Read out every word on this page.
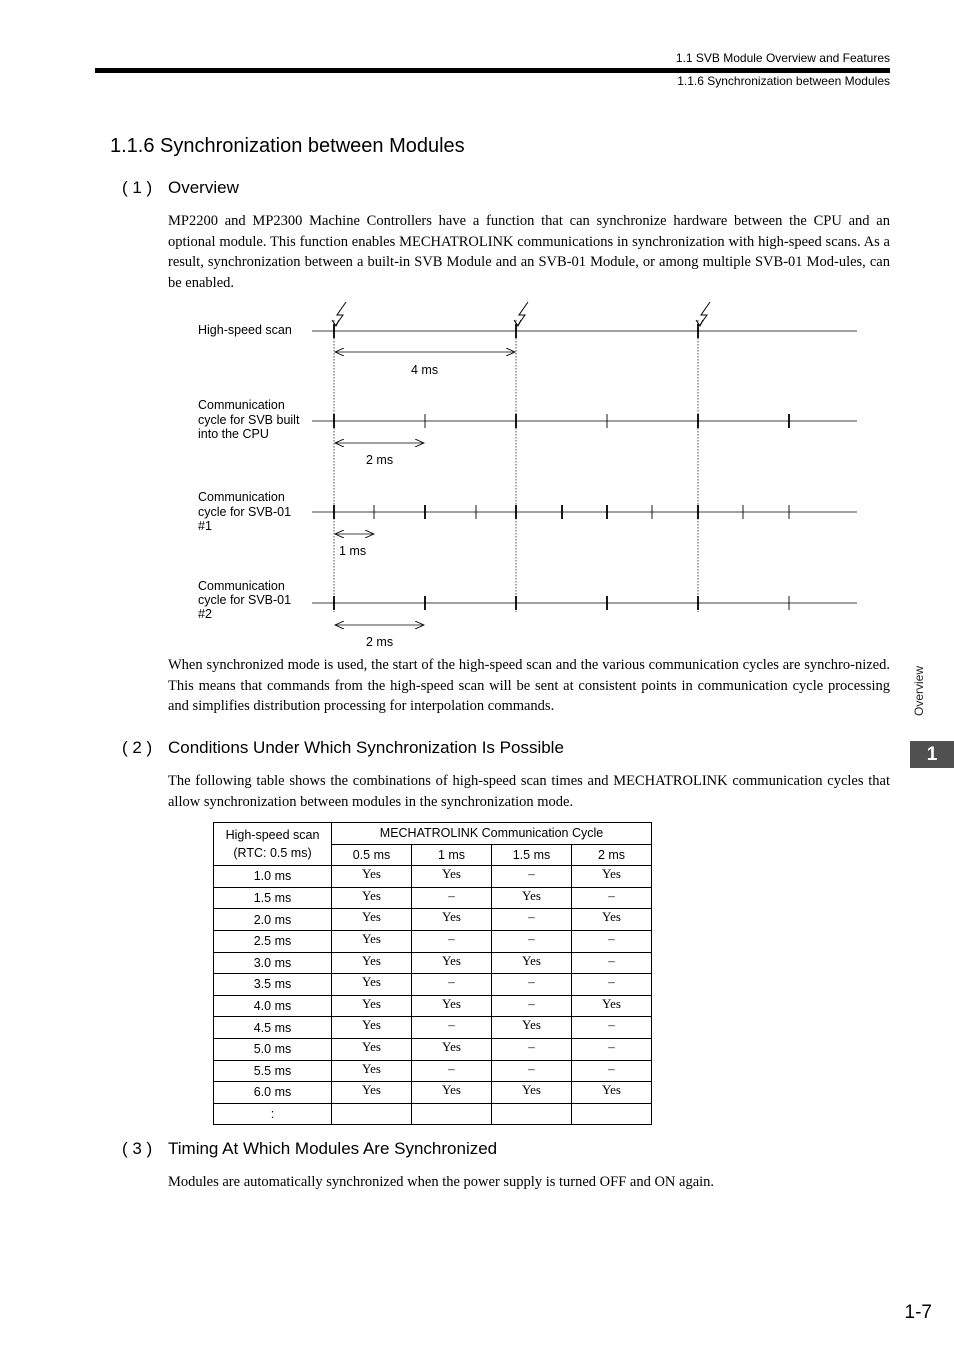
1.1 SVB Module Overview and Features
1.1.6 Synchronization between Modules
1.1.6 Synchronization between Modules
( 1 ) Overview
MP2200 and MP2300 Machine Controllers have a function that can synchronize hardware between the CPU and an optional module. This function enables MECHATROLINK communications in synchronization with high-speed scans. As a result, synchronization between a built-in SVB Module and an SVB-01 Module, or among multiple SVB-01 Mod-ules, can be enabled.
High-speed scan
Communication
cycle for SVB built
into the CPU
Communication
cycle for SVB-01
#1
Communication
cycle for SVB-01
#2
4 ms
2 ms
1 ms
2 ms
When synchronized mode is used, the start of the high-speed scan and the various communication cycles are synchro-nized. This means that commands from the high-speed scan will be sent at consistent points in communication cycle processing and simplifies distribution processing for interpolation commands.
( 2 ) Conditions Under Which Synchronization Is Possible
The following table shows the combinations of high-speed scan times and MECHATROLINK communication cycles that allow synchronization between modules in the synchronization mode.
High-speed scan
(RTC: 0.5 ms)	MECHATROLINK Communication Cycle			
	0.5 ms	1 ms	1.5 ms	2 ms
1.0 ms	Yes	Yes	–	Yes
1.5 ms	Yes	–	Yes	–
2.0 ms	Yes	Yes	–	Yes
2.5 ms	Yes	–	–	–
3.0 ms	Yes	Yes	Yes	–
3.5 ms	Yes	–	–	–
4.0 ms	Yes	Yes	–	Yes
4.5 ms	Yes	–	Yes	–
5.0 ms	Yes	Yes	–	–
5.5 ms	Yes	–	–	–
6.0 ms	Yes	Yes	Yes	Yes
:				
( 3 ) Timing At Which Modules Are Synchronized
Modules are automatically synchronized when the power supply is turned OFF and ON again.
Overview
1
1-7
